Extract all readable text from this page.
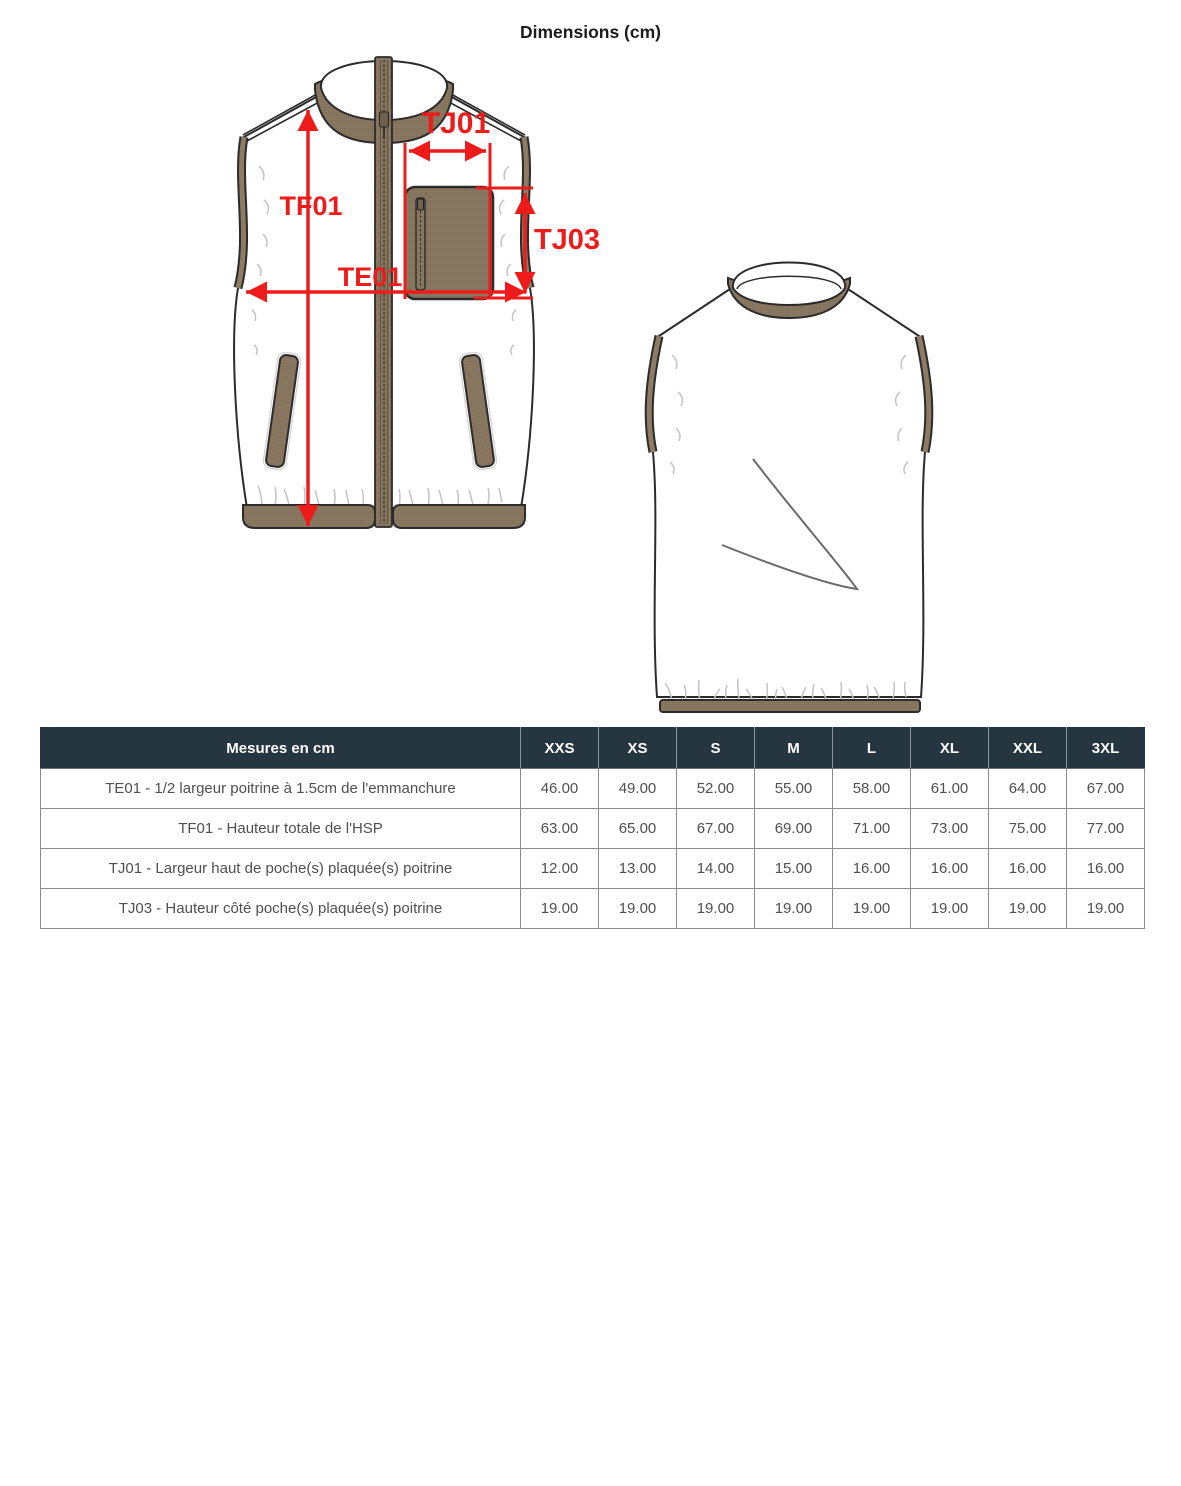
Dimensions (cm)
TF01
TE01
TJ01
TJ03
Mesures en cm	XXS	XS	S	M	L	XL	XXL	3XL
TE01 - 1/2 largeur poitrine à 1.5cm de l'emmanchure	46.00	49.00	52.00	55.00	58.00	61.00	64.00	67.00
TF01 - Hauteur totale de l'HSP	63.00	65.00	67.00	69.00	71.00	73.00	75.00	77.00
TJ01 - Largeur haut de poche(s) plaquée(s) poitrine	12.00	13.00	14.00	15.00	16.00	16.00	16.00	16.00
TJ03 - Hauteur côté poche(s) plaquée(s) poitrine	19.00	19.00	19.00	19.00	19.00	19.00	19.00	19.00
